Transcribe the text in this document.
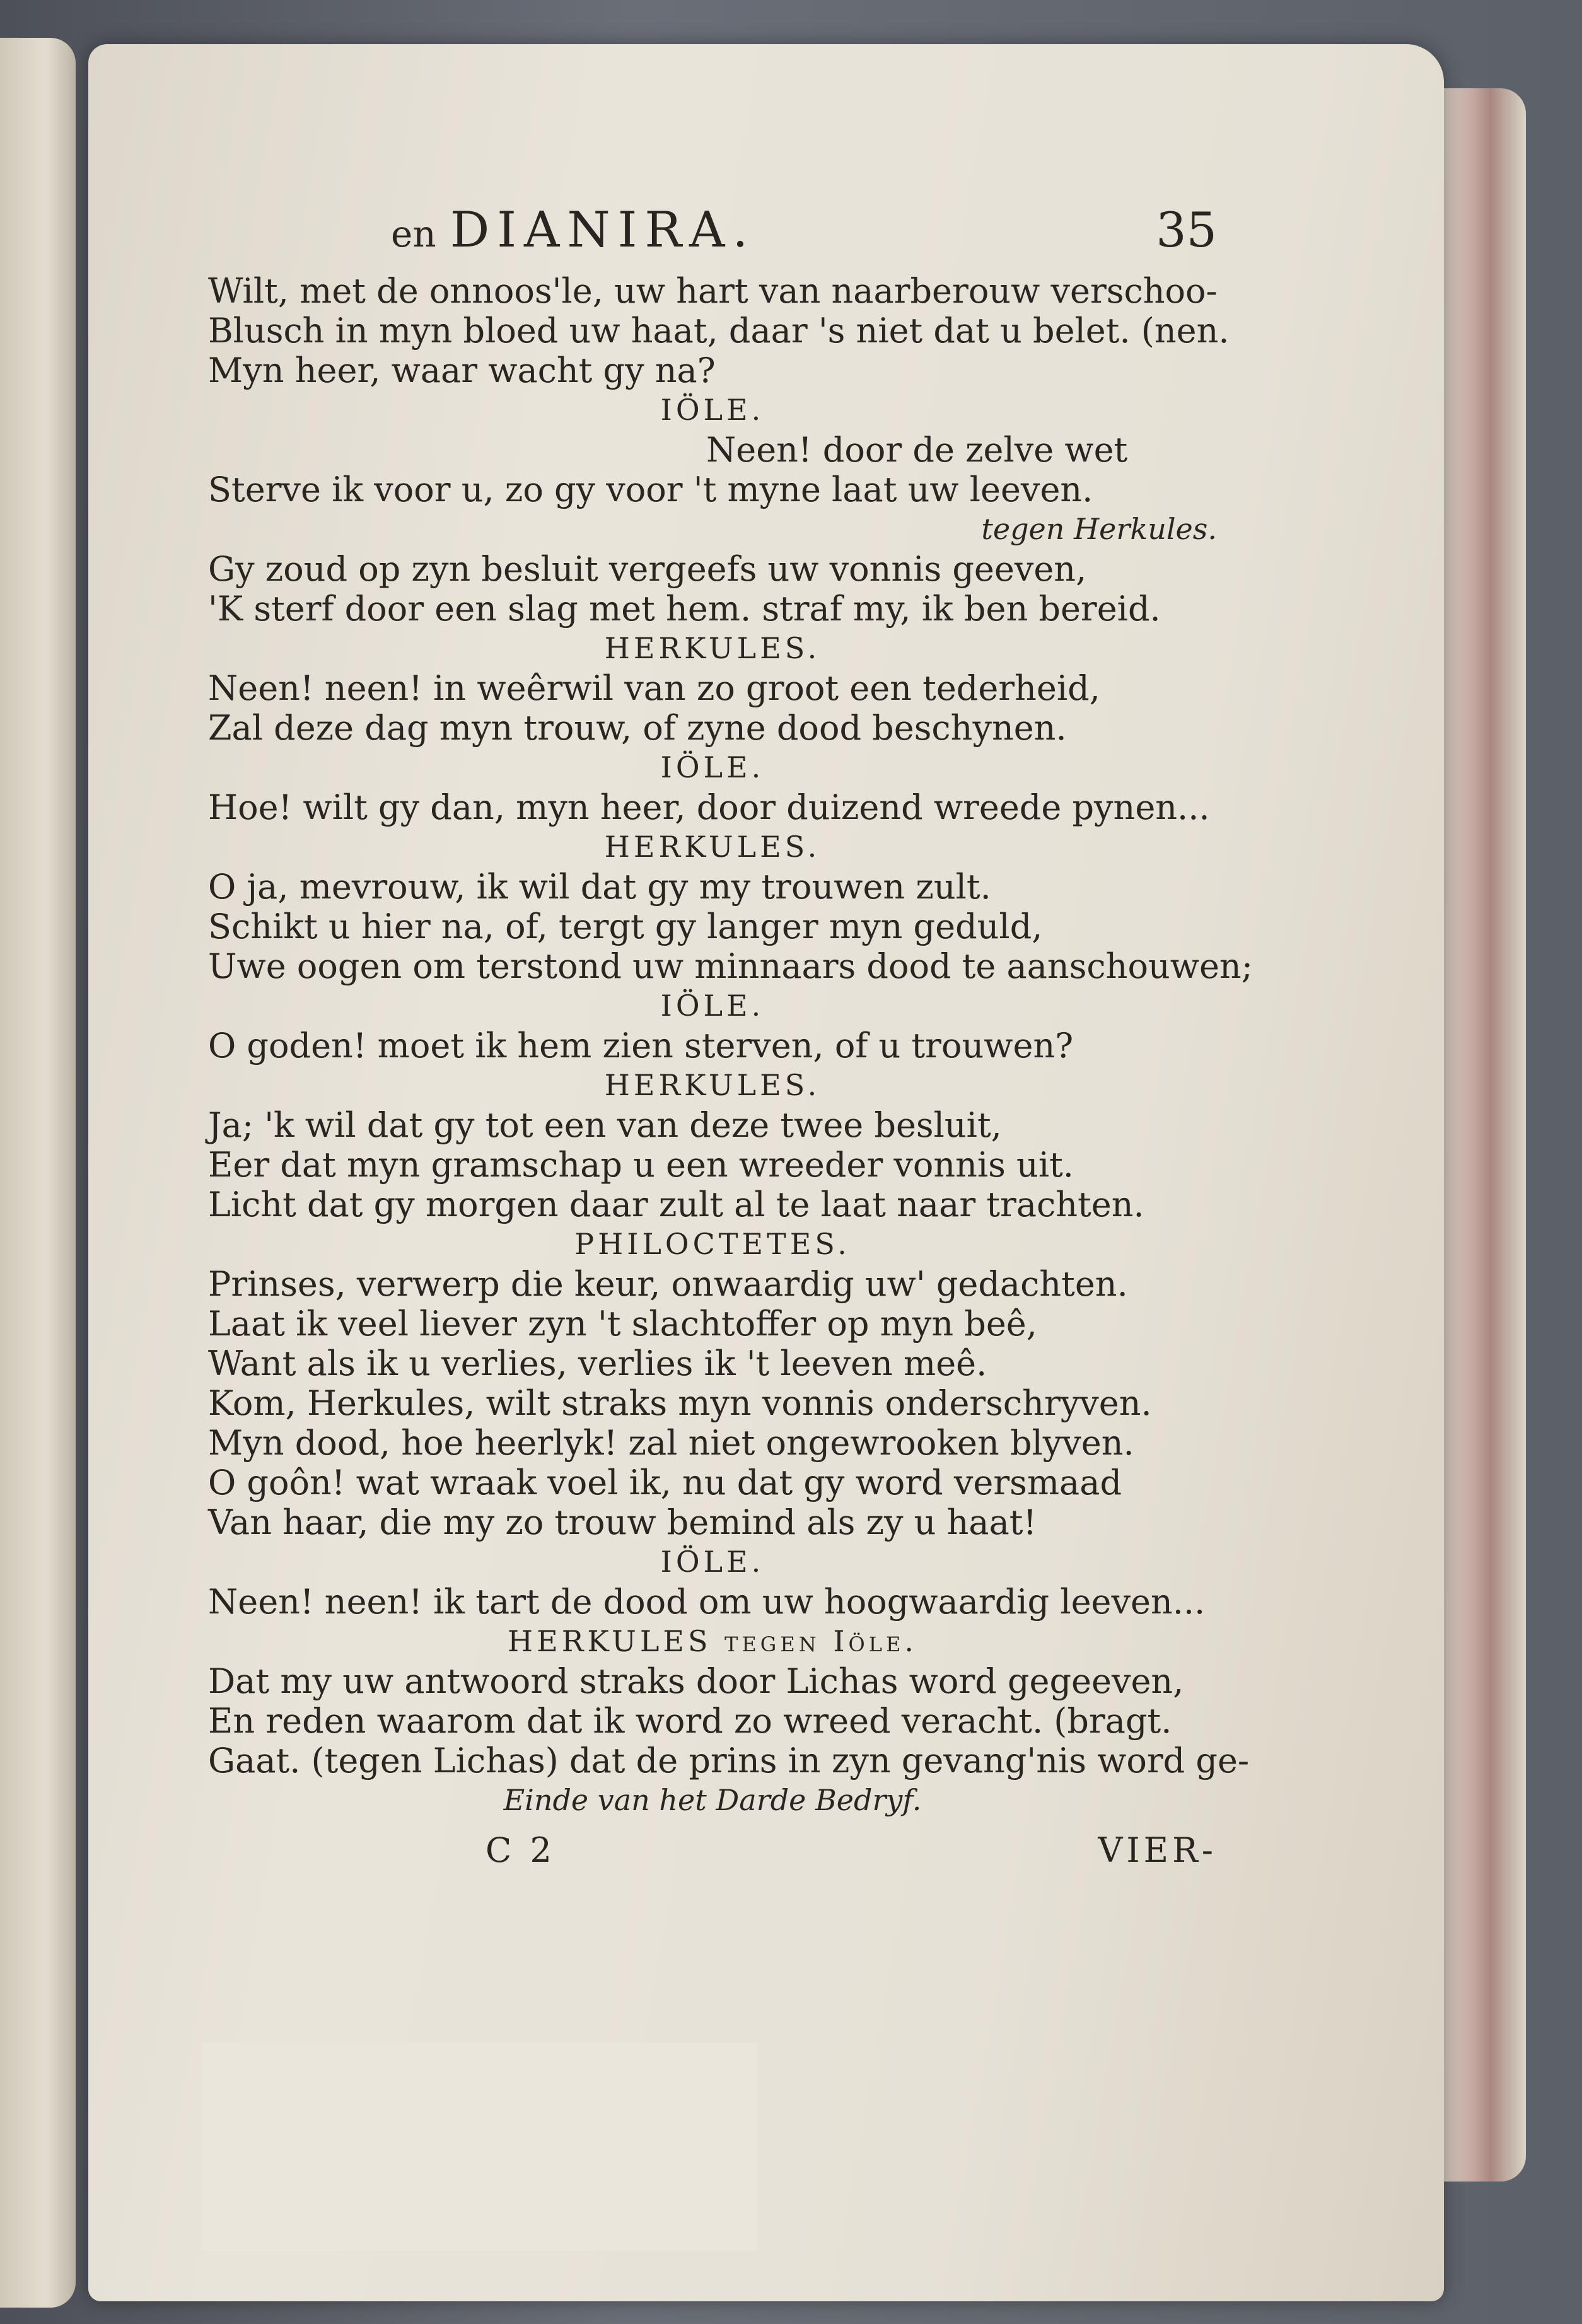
en DIANIRA.	35
Wilt, met de onnoos'le, uw hart van naarberouw verschoo-
Blusch in myn bloed uw haat, daar 's niet dat u belet. (nen.
Myn heer, waar wacht gy na?
IÖLE.
Neen! door de zelve wet
Sterve ik voor u, zo gy voor 't myne laat uw leeven.
tegen Herkules.
Gy zoud op zyn besluit vergeefs uw vonnis geeven,
'K sterf door een slag met hem. straf my, ik ben bereid.
HERKULES.
Neen! neen! in weêrwil van zo groot een tederheid,
Zal deze dag myn trouw, of zyne dood beschynen.
IÖLE.
Hoe! wilt gy dan, myn heer, door duizend wreede pynen...
HERKULES.
O ja, mevrouw, ik wil dat gy my trouwen zult.
Schikt u hier na, of, tergt gy langer myn geduld,
Uwe oogen om terstond uw minnaars dood te aanschouwen;
IÖLE.
O goden! moet ik hem zien sterven, of u trouwen?
HERKULES.
Ja; 'k wil dat gy tot een van deze twee besluit,
Eer dat myn gramschap u een wreeder vonnis uit.
Licht dat gy morgen daar zult al te laat naar trachten.
PHILOCTETES.
Prinses, verwerp die keur, onwaardig uw' gedachten.
Laat ik veel liever zyn 't slachtoffer op myn beê,
Want als ik u verlies, verlies ik 't leeven meê.
Kom, Herkules, wilt straks myn vonnis onderschryven.
Myn dood, hoe heerlyk! zal niet ongewrooken blyven.
O goôn! wat wraak voel ik, nu dat gy word versmaad
Van haar, die my zo trouw bemind als zy u haat!
IÖLE.
Neen! neen! ik tart de dood om uw hoogwaardig leeven...
HERKULES tegen Iöle.
Dat my uw antwoord straks door Lichas word gegeeven,
En reden waarom dat ik word zo wreed veracht. (bragt.
Gaat. (tegen Lichas) dat de prins in zyn gevang'nis word ge-
Einde van het Darde Bedryf.
C 2	VIER-
